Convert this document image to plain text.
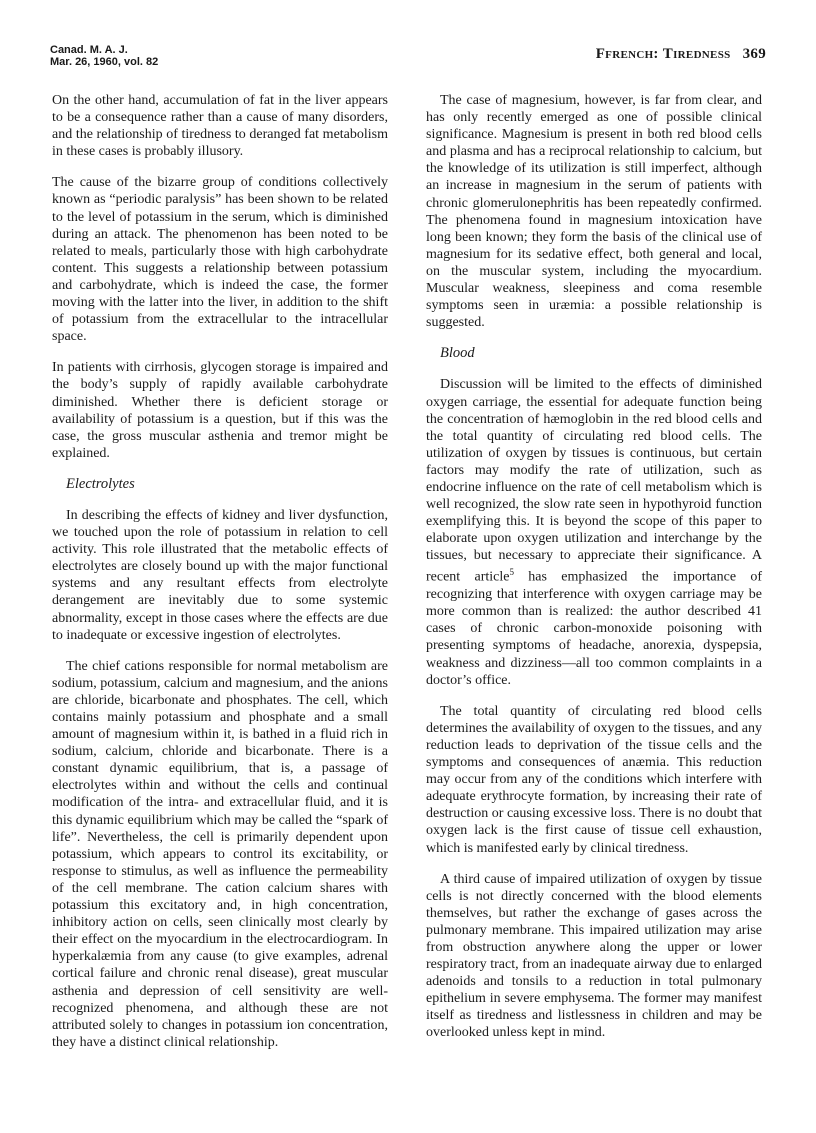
Canad. M. A. J.
Mar. 26, 1960, vol. 82	Ffrench: Tiredness 369

On the other hand, accumulation of fat in the liver appears to be a consequence rather than a cause of many disorders, and the relationship of tiredness to deranged fat metabolism in these cases is probably illusory.

The cause of the bizarre group of conditions collectively known as “periodic paralysis” has been shown to be related to the level of potassium in the serum, which is diminished during an attack. The phenomenon has been noted to be related to meals, particularly those with high carbohydrate content. This suggests a relationship between potassium and carbohydrate, which is indeed the case, the former moving with the latter into the liver, in addition to the shift of potassium from the extracellular to the intracellular space.

In patients with cirrhosis, glycogen storage is impaired and the body’s supply of rapidly available carbohydrate diminished. Whether there is deficient storage or availability of potassium is a question, but if this was the case, the gross muscular asthenia and tremor might be explained.

Electrolytes

In describing the effects of kidney and liver dysfunction, we touched upon the role of potassium in relation to cell activity. This role illustrated that the metabolic effects of electrolytes are closely bound up with the major functional systems and any resultant effects from electrolyte derangement are inevitably due to some systemic abnormality, except in those cases where the effects are due to inadequate or excessive ingestion of electrolytes.

The chief cations responsible for normal metabolism are sodium, potassium, calcium and magnesium, and the anions are chloride, bicarbonate and phosphates. The cell, which contains mainly potassium and phosphate and a small amount of magnesium within it, is bathed in a fluid rich in sodium, calcium, chloride and bicarbonate. There is a constant dynamic equilibrium, that is, a passage of electrolytes within and without the cells and continual modification of the intra- and extracellular fluid, and it is this dynamic equilibrium which may be called the “spark of life”. Nevertheless, the cell is primarily dependent upon potassium, which appears to control its excitability, or response to stimulus, as well as influence the permeability of the cell membrane. The cation calcium shares with potassium this excitatory and, in high concentration, inhibitory action on cells, seen clinically most clearly by their effect on the myocardium in the electrocardiogram. In hyperkalæmia from any cause (to give examples, adrenal cortical failure and chronic renal disease), great muscular asthenia and depression of cell sensitivity are well-recognized phenomena, and although these are not attributed solely to changes in potassium ion concentration, they have a distinct clinical relationship.

The case of magnesium, however, is far from clear, and has only recently emerged as one of possible clinical significance. Magnesium is present in both red blood cells and plasma and has a reciprocal relationship to calcium, but the knowledge of its utilization is still imperfect, although an increase in magnesium in the serum of patients with chronic glomerulonephritis has been repeatedly confirmed. The phenomena found in magnesium intoxication have long been known; they form the basis of the clinical use of magnesium for its sedative effect, both general and local, on the muscular system, including the myocardium. Muscular weakness, sleepiness and coma resemble symptoms seen in uræmia: a possible relationship is suggested.

Blood

Discussion will be limited to the effects of diminished oxygen carriage, the essential for adequate function being the concentration of hæmoglobin in the red blood cells and the total quantity of circulating red blood cells. The utilization of oxygen by tissues is continuous, but certain factors may modify the rate of utilization, such as endocrine influence on the rate of cell metabolism which is well recognized, the slow rate seen in hypothyroid function exemplifying this. It is beyond the scope of this paper to elaborate upon oxygen utilization and interchange by the tissues, but necessary to appreciate their significance. A recent article$^5$ has emphasized the importance of recognizing that interference with oxygen carriage may be more common than is realized: the author described 41 cases of chronic carbon-monoxide poisoning with presenting symptoms of headache, anorexia, dyspepsia, weakness and dizziness—all too common complaints in a doctor’s office.

The total quantity of circulating red blood cells determines the availability of oxygen to the tissues, and any reduction leads to deprivation of the tissue cells and the symptoms and consequences of anæmia. This reduction may occur from any of the conditions which interfere with adequate erythrocyte formation, by increasing their rate of destruction or causing excessive loss. There is no doubt that oxygen lack is the first cause of tissue cell exhaustion, which is manifested early by clinical tiredness.

A third cause of impaired utilization of oxygen by tissue cells is not directly concerned with the blood elements themselves, but rather the exchange of gases across the pulmonary membrane. This impaired utilization may arise from obstruction anywhere along the upper or lower respiratory tract, from an inadequate airway due to enlarged adenoids and tonsils to a reduction in total pulmonary epithelium in severe emphysema. The former may manifest itself as tiredness and listlessness in children and may be overlooked unless kept in mind.
